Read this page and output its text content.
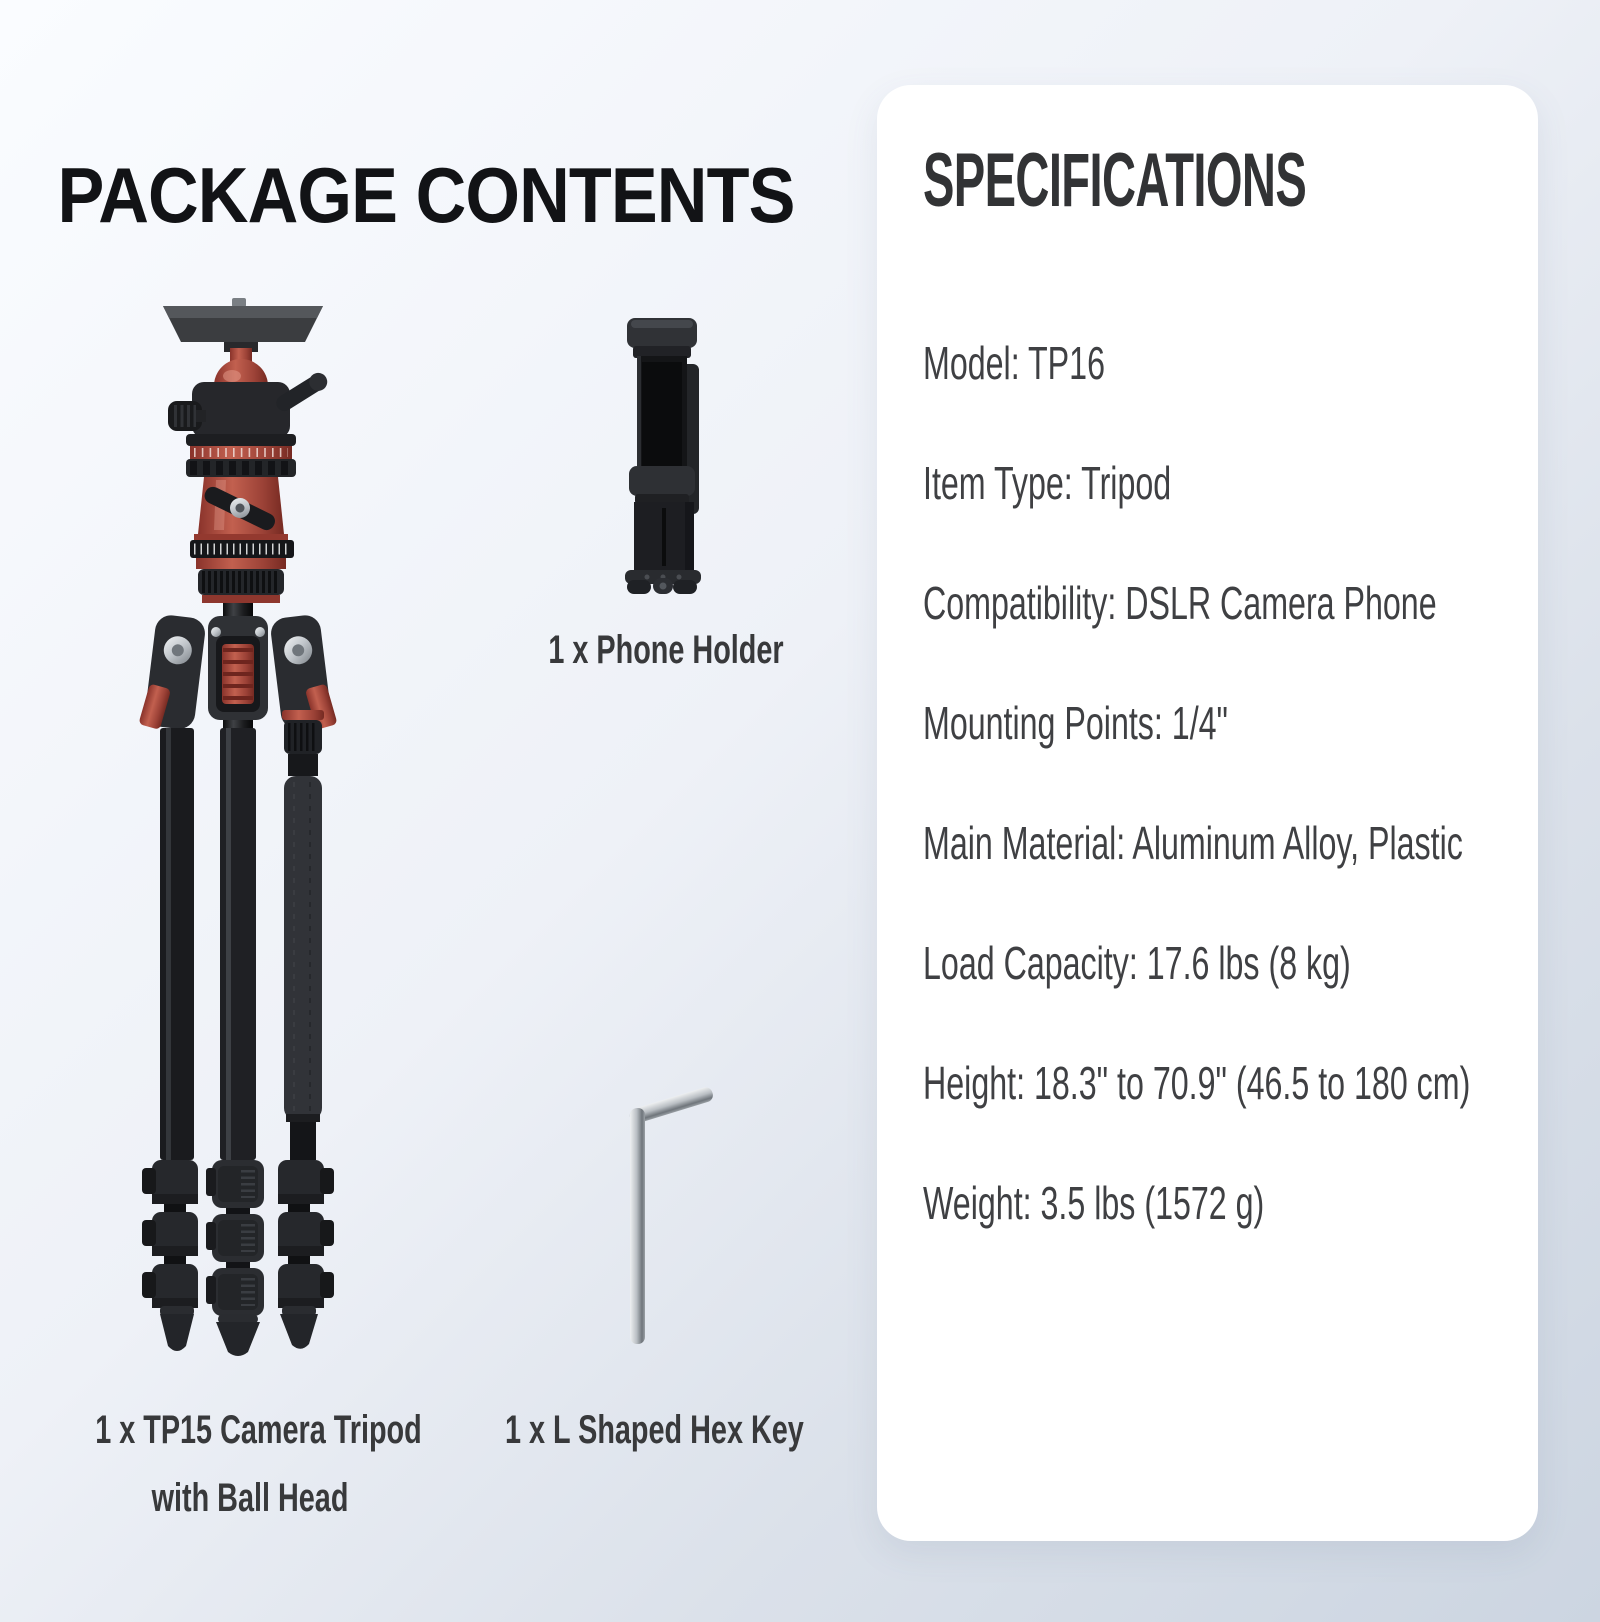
PACKAGE CONTENTS
1 x TP15 Camera Tripod
with Ball Head
1 x Phone Holder
1 x L Shaped Hex Key
SPECIFICATIONS
Model: TP16
Item Type: Tripod
Compatibility: DSLR Camera Phone
Mounting Points: 1/4"
Main Material: Aluminum Alloy, Plastic
Load Capacity: 17.6 lbs (8 kg)
Height: 18.3" to 70.9" (46.5 to 180 cm)
Weight: 3.5 lbs (1572 g)
